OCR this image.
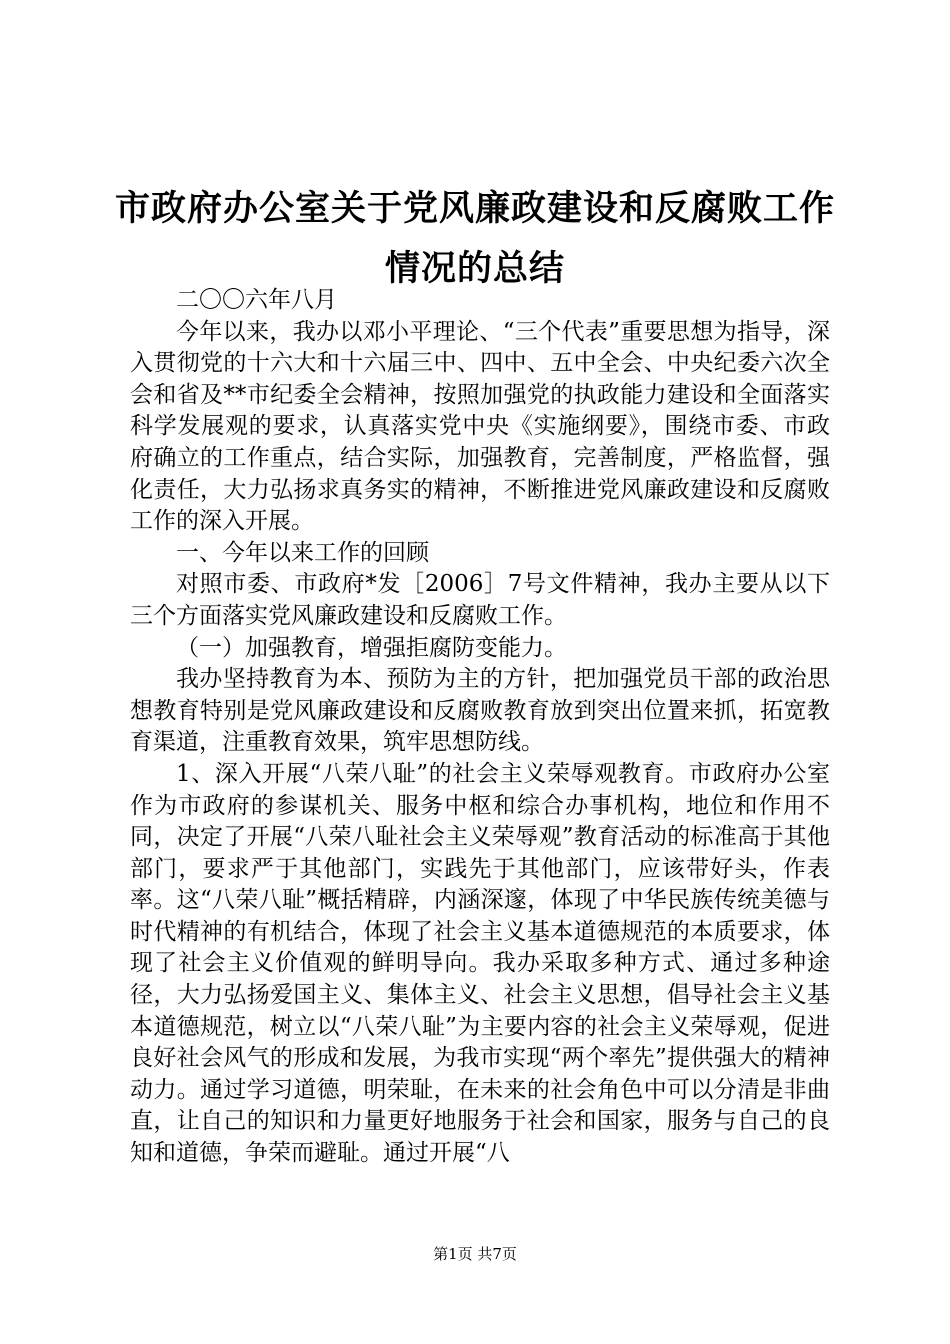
市政府办公室关于党风廉政建设和反腐败工作
情况的总结

二〇〇六年八月

今年以来，我办以邓小平理论、“三个代表”重要思想为指导，深入贯彻党的十六大和十六届三中、四中、五中全会、中央纪委六次全会和省及**市纪委全会精神，按照加强党的执政能力建设和全面落实科学发展观的要求，认真落实党中央《实施纲要》，围绕市委、市政府确立的工作重点，结合实际，加强教育，完善制度，严格监督，强化责任，大力弘扬求真务实的精神，不断推进党风廉政建设和反腐败工作的深入开展。

一、今年以来工作的回顾

对照市委、市政府*发［2006］7号文件精神，我办主要从以下三个方面落实党风廉政建设和反腐败工作。

（一）加强教育，增强拒腐防变能力。

我办坚持教育为本、预防为主的方针，把加强党员干部的政治思想教育特别是党风廉政建设和反腐败教育放到突出位置来抓，拓宽教育渠道，注重教育效果，筑牢思想防线。

1、深入开展“八荣八耻”的社会主义荣辱观教育。市政府办公室作为市政府的参谋机关、服务中枢和综合办事机构，地位和作用不同，决定了开展“八荣八耻社会主义荣辱观”教育活动的标准高于其他部门，要求严于其他部门，实践先于其他部门，应该带好头，作表率。这“八荣八耻”概括精辟，内涵深邃，体现了中华民族传统美德与时代精神的有机结合，体现了社会主义基本道德规范的本质要求，体现了社会主义价值观的鲜明导向。我办采取多种方式、通过多种途径，大力弘扬爱国主义、集体主义、社会主义思想，倡导社会主义基本道德规范，树立以“八荣八耻”为主要内容的社会主义荣辱观，促进良好社会风气的形成和发展，为我市实现“两个率先”提供强大的精神动力。通过学习道德，明荣耻，在未来的社会角色中可以分清是非曲直，让自己的知识和力量更好地服务于社会和国家，服务与自己的良知和道德，争荣而避耻。通过开展“八

第1页 共7页
